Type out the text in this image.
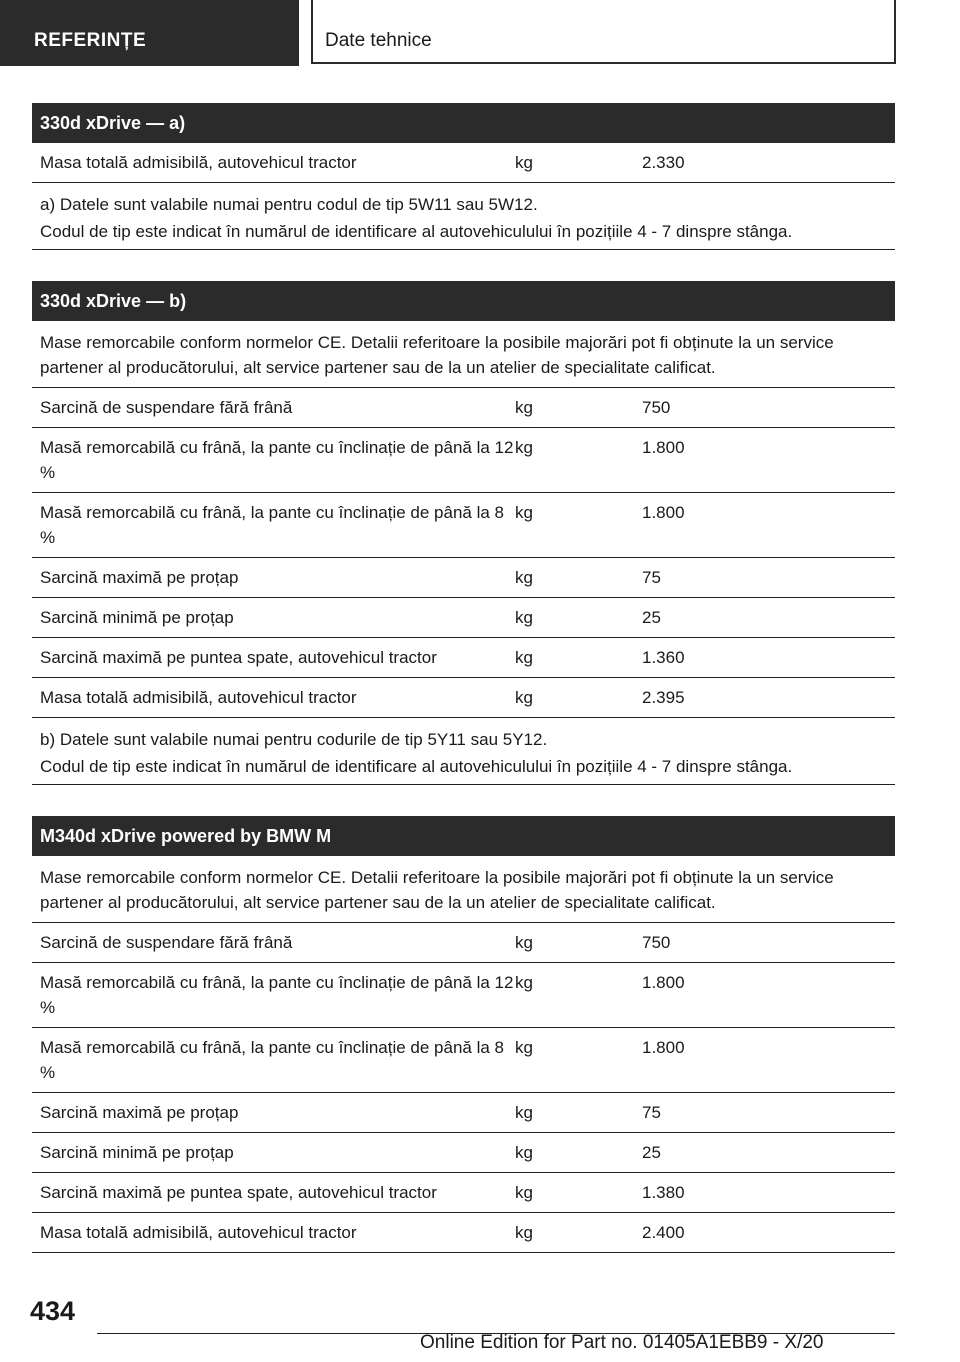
REFERINȚE	Date tehnice
330d xDrive — a)
Masa totală admisibilă, autovehicul tractor	kg	2.330
a) Datele sunt valabile numai pentru codul de tip 5W11 sau 5W12.
Codul de tip este indicat în numărul de identificare al autovehiculului în pozițiile 4 - 7 dinspre stânga.
330d xDrive — b)
Mase remorcabile conform normelor CE. Detalii referitoare la posibile majorări pot fi obținute la un service partener al producătorului, alt service partener sau de la un atelier de specialitate calificat.
Sarcină de suspendare fără frână	kg	750
Masă remorcabilă cu frână, la pante cu înclinație de până la 12 %
kg	1.800
Masă remorcabilă cu frână, la pante cu înclinație de până la 8 %
kg	1.800
Sarcină maximă pe proțap	kg	75
Sarcină minimă pe proțap	kg	25
Sarcină maximă pe puntea spate, autovehicul tractor	kg	1.360
Masa totală admisibilă, autovehicul tractor	kg	2.395
b) Datele sunt valabile numai pentru codurile de tip 5Y11 sau 5Y12.
Codul de tip este indicat în numărul de identificare al autovehiculului în pozițiile 4 - 7 dinspre stânga.
M340d xDrive powered by BMW M
Mase remorcabile conform normelor CE. Detalii referitoare la posibile majorări pot fi obținute la un service partener al producătorului, alt service partener sau de la un atelier de specialitate calificat.
Sarcină de suspendare fără frână	kg	750
Masă remorcabilă cu frână, la pante cu înclinație de până la 12 %
kg	1.800
Masă remorcabilă cu frână, la pante cu înclinație de până la 8 %
kg	1.800
Sarcină maximă pe proțap	kg	75
Sarcină minimă pe proțap	kg	25
Sarcină maximă pe puntea spate, autovehicul tractor	kg	1.380
Masa totală admisibilă, autovehicul tractor	kg	2.400
434
Online Edition for Part no. 01405A1EBB9 - X/20
